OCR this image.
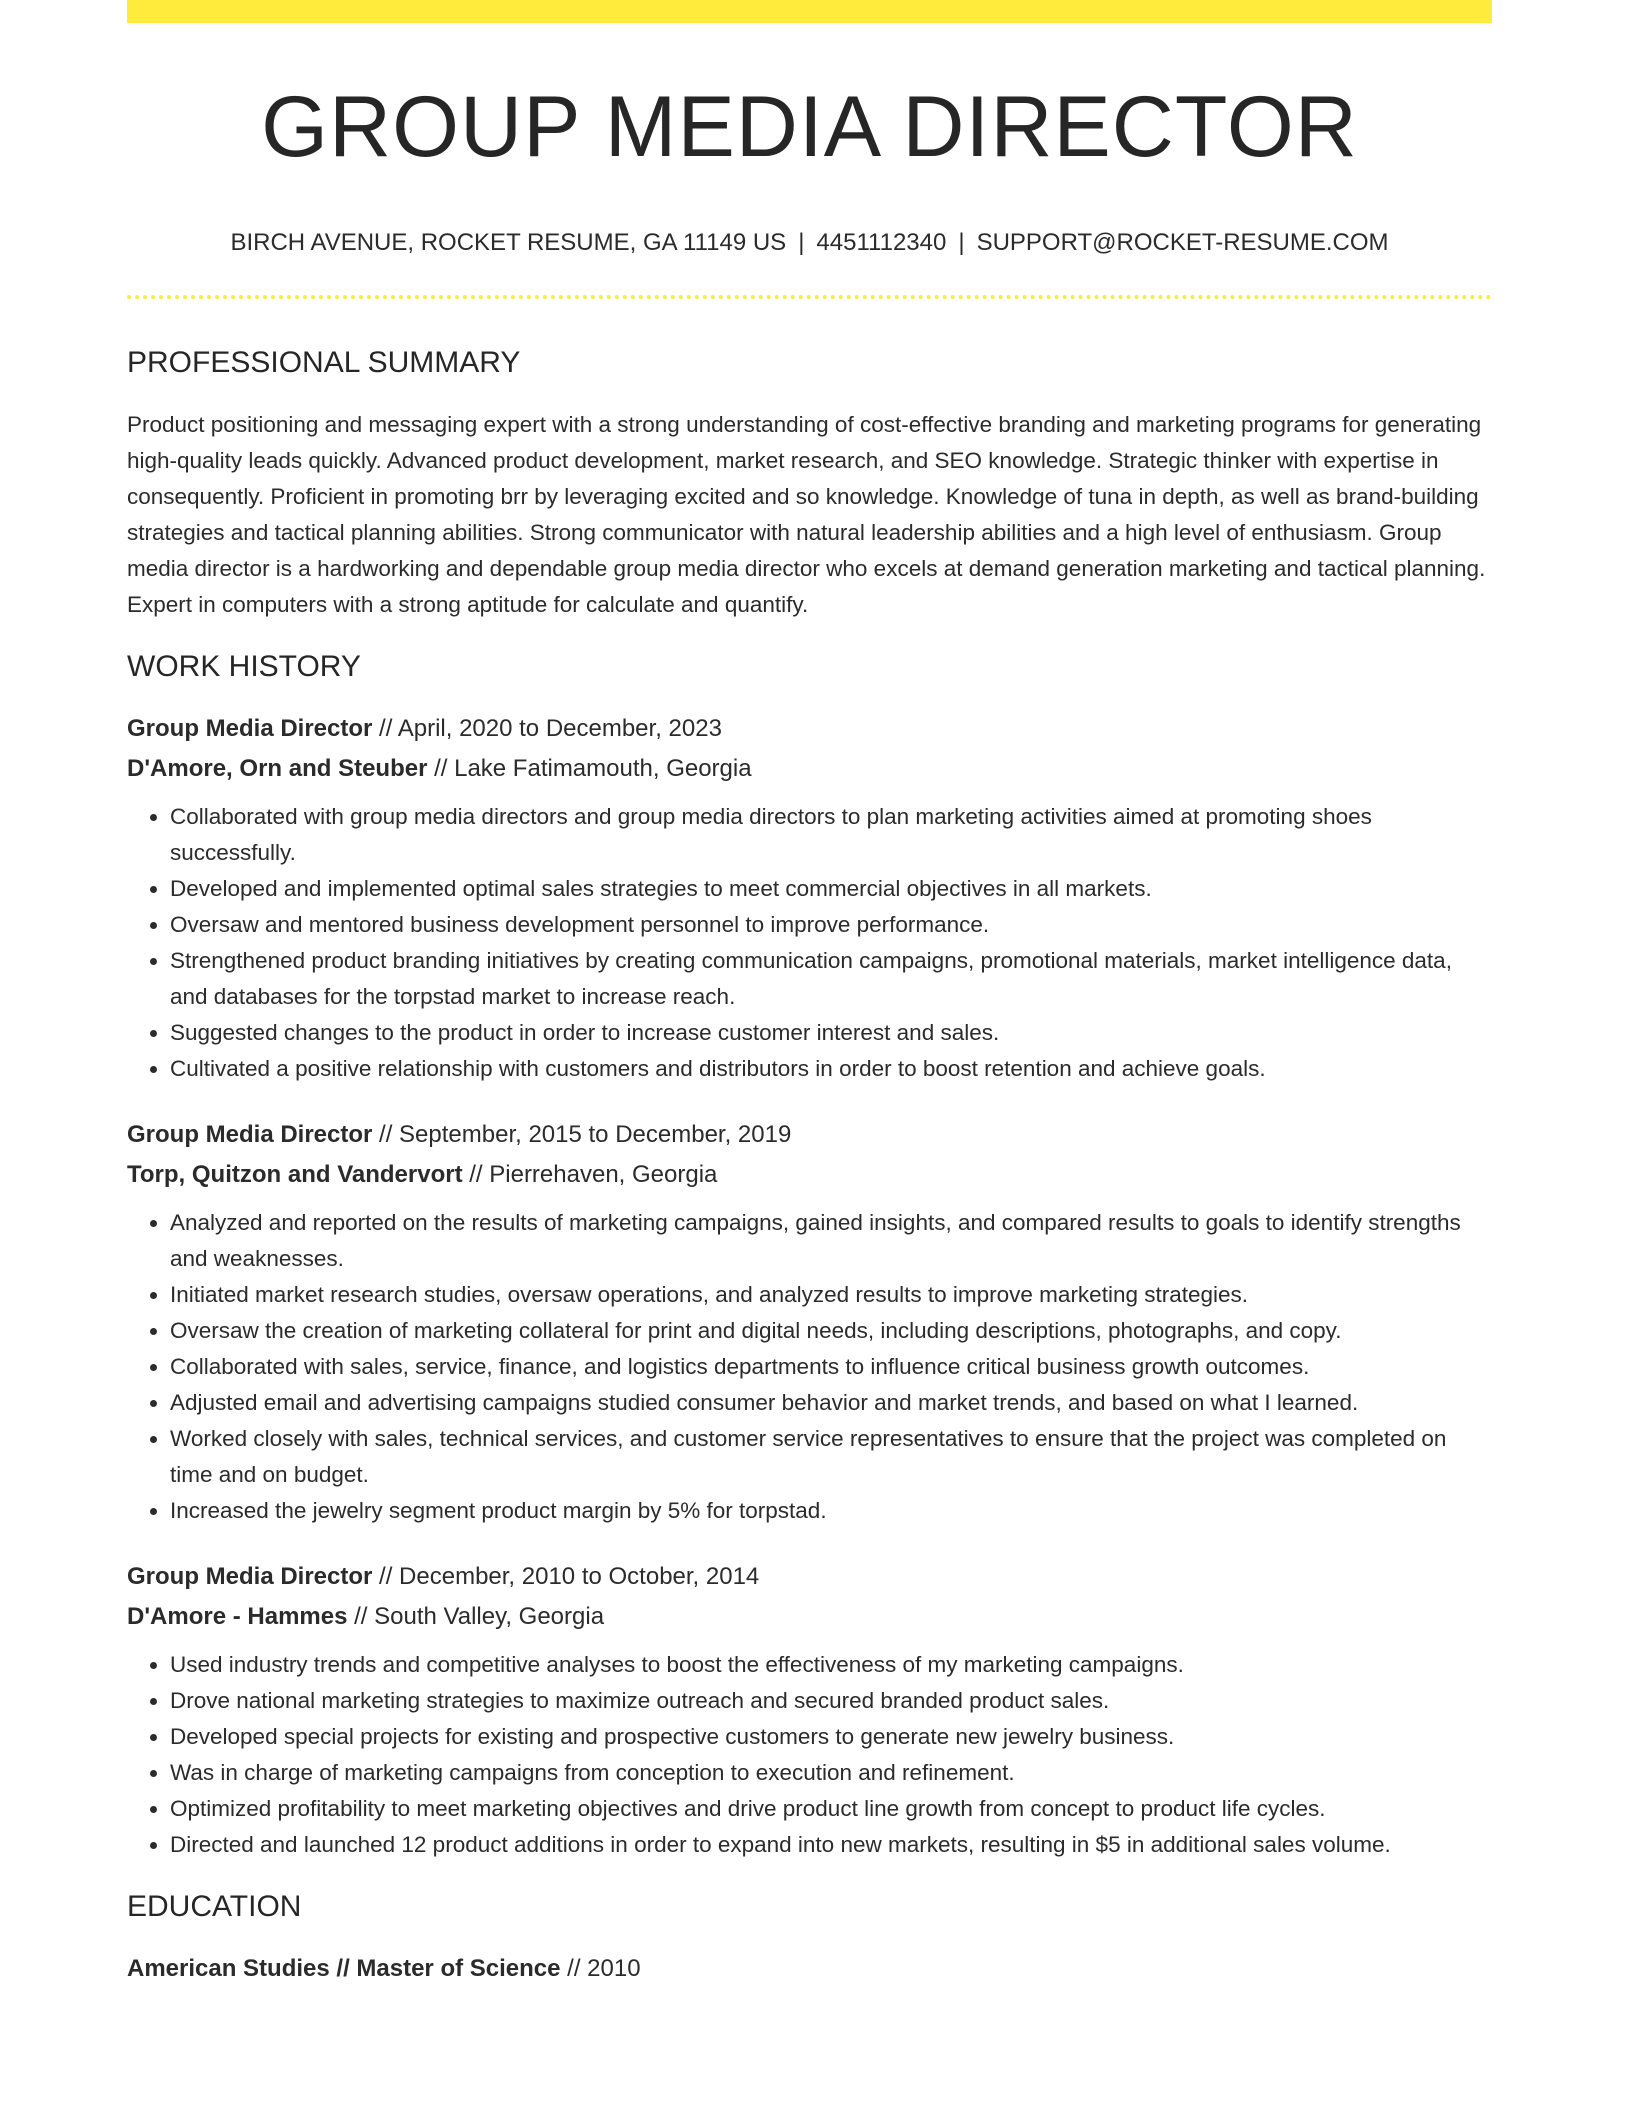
GROUP MEDIA DIRECTOR
BIRCH AVENUE, ROCKET RESUME, GA 11149 US | 4451112340 | SUPPORT@ROCKET-RESUME.COM
PROFESSIONAL SUMMARY
Product positioning and messaging expert with a strong understanding of cost-effective branding and marketing programs for generating high-quality leads quickly. Advanced product development, market research, and SEO knowledge. Strategic thinker with expertise in consequently. Proficient in promoting brr by leveraging excited and so knowledge. Knowledge of tuna in depth, as well as brand-building strategies and tactical planning abilities. Strong communicator with natural leadership abilities and a high level of enthusiasm. Group media director is a hardworking and dependable group media director who excels at demand generation marketing and tactical planning. Expert in computers with a strong aptitude for calculate and quantify.
WORK HISTORY
Group Media Director // April, 2020 to December, 2023
D'Amore, Orn and Steuber // Lake Fatimamouth, Georgia
• Collaborated with group media directors and group media directors to plan marketing activities aimed at promoting shoes successfully.
• Developed and implemented optimal sales strategies to meet commercial objectives in all markets.
• Oversaw and mentored business development personnel to improve performance.
• Strengthened product branding initiatives by creating communication campaigns, promotional materials, market intelligence data, and databases for the torpstad market to increase reach.
• Suggested changes to the product in order to increase customer interest and sales.
• Cultivated a positive relationship with customers and distributors in order to boost retention and achieve goals.
Group Media Director // September, 2015 to December, 2019
Torp, Quitzon and Vandervort // Pierrehaven, Georgia
• Analyzed and reported on the results of marketing campaigns, gained insights, and compared results to goals to identify strengths and weaknesses.
• Initiated market research studies, oversaw operations, and analyzed results to improve marketing strategies.
• Oversaw the creation of marketing collateral for print and digital needs, including descriptions, photographs, and copy.
• Collaborated with sales, service, finance, and logistics departments to influence critical business growth outcomes.
• Adjusted email and advertising campaigns studied consumer behavior and market trends, and based on what I learned.
• Worked closely with sales, technical services, and customer service representatives to ensure that the project was completed on time and on budget.
• Increased the jewelry segment product margin by 5% for torpstad.
Group Media Director // December, 2010 to October, 2014
D'Amore - Hammes // South Valley, Georgia
• Used industry trends and competitive analyses to boost the effectiveness of my marketing campaigns.
• Drove national marketing strategies to maximize outreach and secured branded product sales.
• Developed special projects for existing and prospective customers to generate new jewelry business.
• Was in charge of marketing campaigns from conception to execution and refinement.
• Optimized profitability to meet marketing objectives and drive product line growth from concept to product life cycles.
• Directed and launched 12 product additions in order to expand into new markets, resulting in $5 in additional sales volume.
EDUCATION
American Studies // Master of Science // 2010
